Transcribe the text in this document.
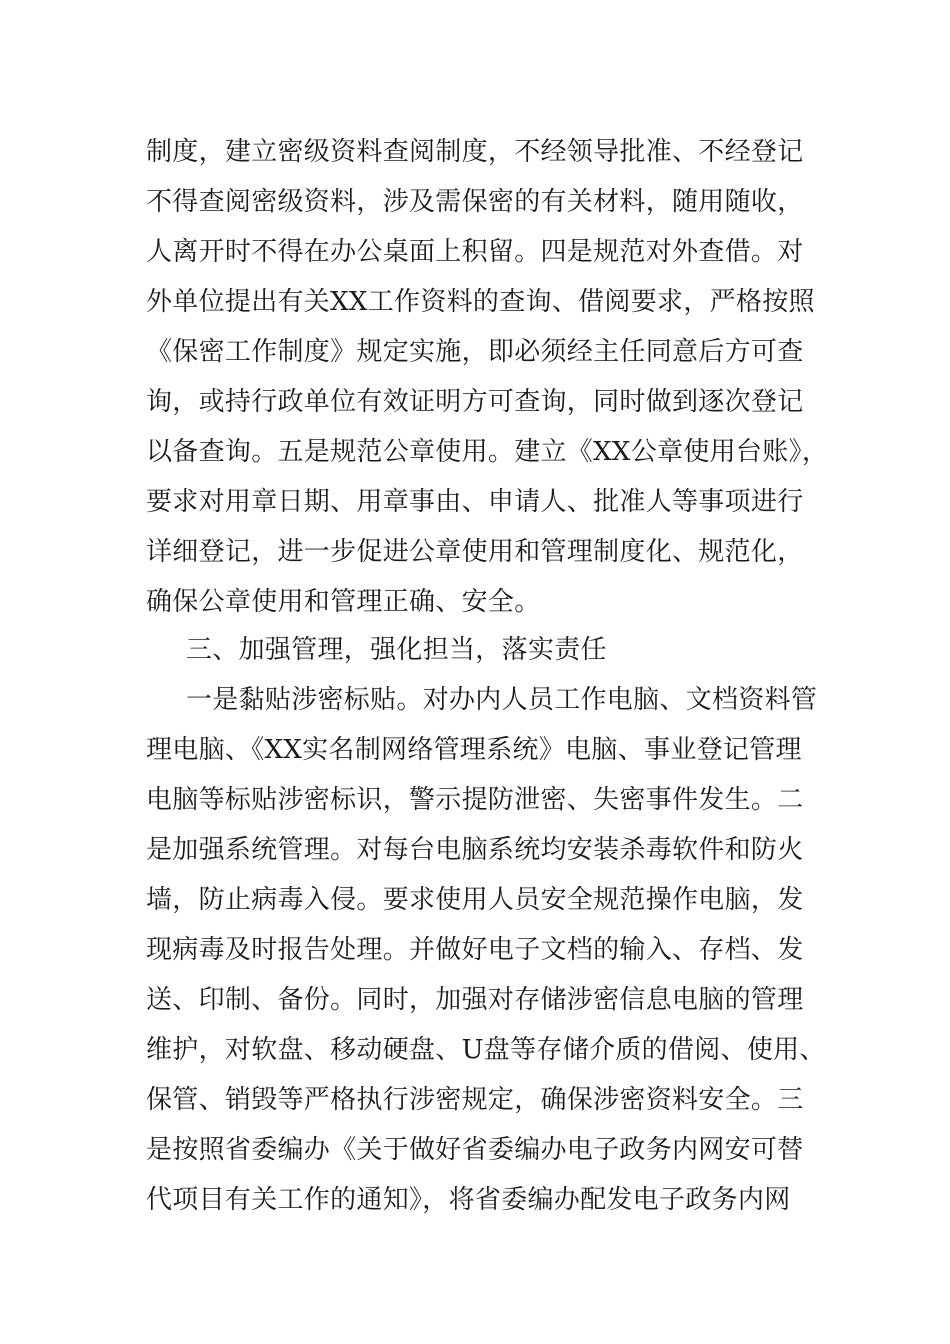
制度，建立密级资料查阅制度，不经领导批准、不经登记
不得查阅密级资料，涉及需保密的有关材料，随用随收，
人离开时不得在办公桌面上积留。四是规范对外查借。对
外单位提出有关XX工作资料的查询、借阅要求，严格按照
《保密工作制度》规定实施，即必须经主任同意后方可查
询，或持行政单位有效证明方可查询，同时做到逐次登记
以备查询。五是规范公章使用。建立《XX公章使用台账》，
要求对用章日期、用章事由、申请人、批准人等事项进行
详细登记，进一步促进公章使用和管理制度化、规范化，
确保公章使用和管理正确、安全。
三、加强管理，强化担当，落实责任
一是黏贴涉密标贴。对办内人员工作电脑、文档资料管
理电脑、《XX实名制网络管理系统》电脑、事业登记管理
电脑等标贴涉密标识，警示提防泄密、失密事件发生。二
是加强系统管理。对每台电脑系统均安装杀毒软件和防火
墙，防止病毒入侵。要求使用人员安全规范操作电脑，发
现病毒及时报告处理。并做好电子文档的输入、存档、发
送、印制、备份。同时，加强对存储涉密信息电脑的管理
维护，对软盘、移动硬盘、U盘等存储介质的借阅、使用、
保管、销毁等严格执行涉密规定，确保涉密资料安全。三
是按照省委编办《关于做好省委编办电子政务内网安可替
代项目有关工作的通知》，将省委编办配发电子政务内网
